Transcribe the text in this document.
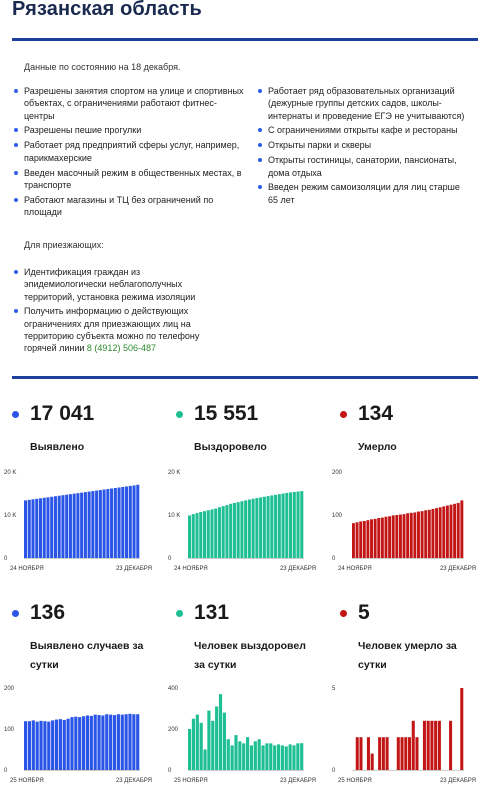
Рязанская область
Данные по состоянию на 18 декабря.
Разрешены занятия спортом на улице и спортивных объектах, с ограничениями работают фитнес-центры
Разрешены пешие прогулки
Работает ряд предприятий сферы услуг, например, парикмахерские
Введен масочный режим в общественных местах, в транспорте
Работают магазины и ТЦ без ограничений по площади
Работает ряд образовательных организаций (дежурные группы детских садов, школы-интернаты и проведение ЕГЭ не учитываются)
С ограничениями открыты кафе и рестораны
Открыты парки и скверы
Открыты гостиницы, санатории, пансионаты, дома отдыха
Введен режим самоизоляции для лиц старше 65 лет
Для приезжающих:
Идентификация граждан из эпидемиологически неблагополучных территорий, установка режима изоляции
Получить информацию о действующих ограничениях для приезжающих лиц на территорию субъекта можно по телефону горячей линии 8 (4912) 506-487
17 041
Выявлено
15 551
Выздоровело
134
Умерло
136
Выявлено случаев за сутки
131
Человек выздоровел за сутки
5
Человек умерло за сутки
0
10 K
20 K
24 НОЯБРЯ	23 ДЕКАБРЯ
0
10 K
20 K
24 НОЯБРЯ	23 ДЕКАБРЯ
0
100
200
24 НОЯБРЯ	23 ДЕКАБРЯ
0
100
200
25 НОЯБРЯ	23 ДЕКАБРЯ
0
200
400
25 НОЯБРЯ	23 ДЕКАБРЯ
0
5
25 НОЯБРЯ	23 ДЕКАБРЯ
